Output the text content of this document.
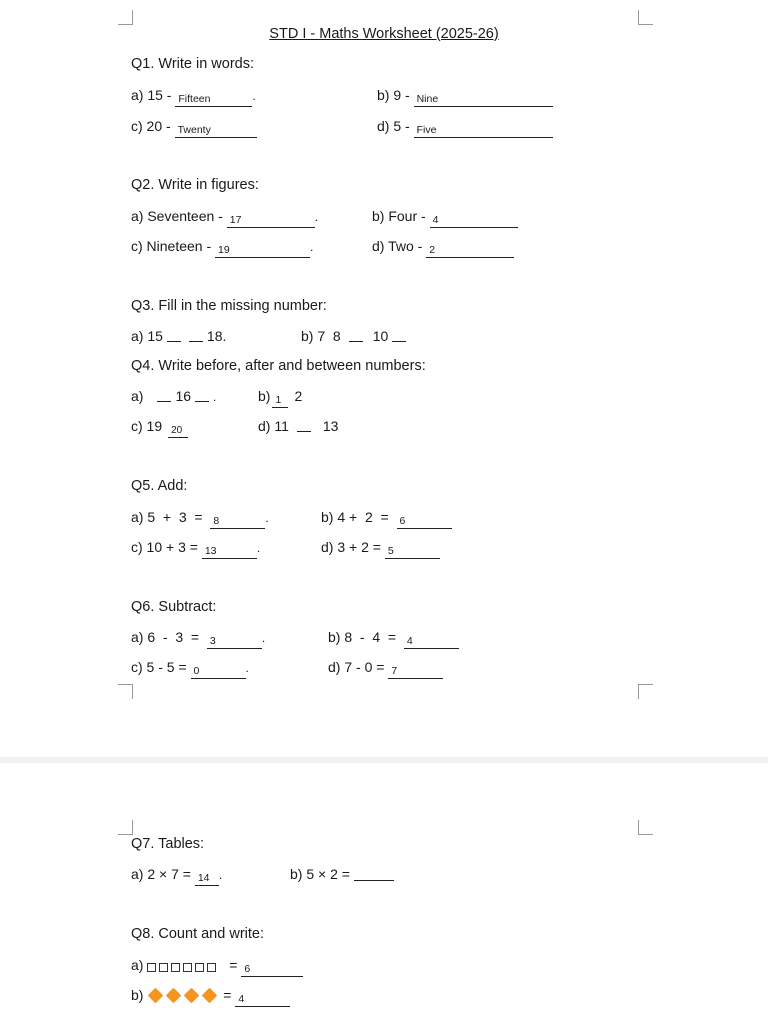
STD I - Maths Worksheet (2025-26)
Q1. Write in words:
a) 15 - Fifteen	.	b) 9 - Nine
c) 20 - Twenty	d) 5 - Five
Q2. Write in figures:
a) Seventeen - 17	.	b) Four - 4
c) Nineteen - 19	.	d) Two - 2
Q3. Fill in the missing number:
a) 15	18.	b) 7  8 10
Q4. Write before, after and between numbers:
a) 16 .	b) 1 2
c) 19 20	d) 11 13
Q5. Add:
a) 5  +  3  =  8	.	b) 4 +  2  =  6
c) 10 + 3 = 13	.	d) 3 + 2 = 5
Q6. Subtract:
a) 6  -  3  =  3	.	b) 8  -  4  =  4
c) 5 - 5 = 0	.	d) 7 - 0 = 7
Q7. Tables:
a) 2 × 7 = 14 .	b) 5 × 2 =
Q8. Count and write:
a)	= 6
b)	= 4
